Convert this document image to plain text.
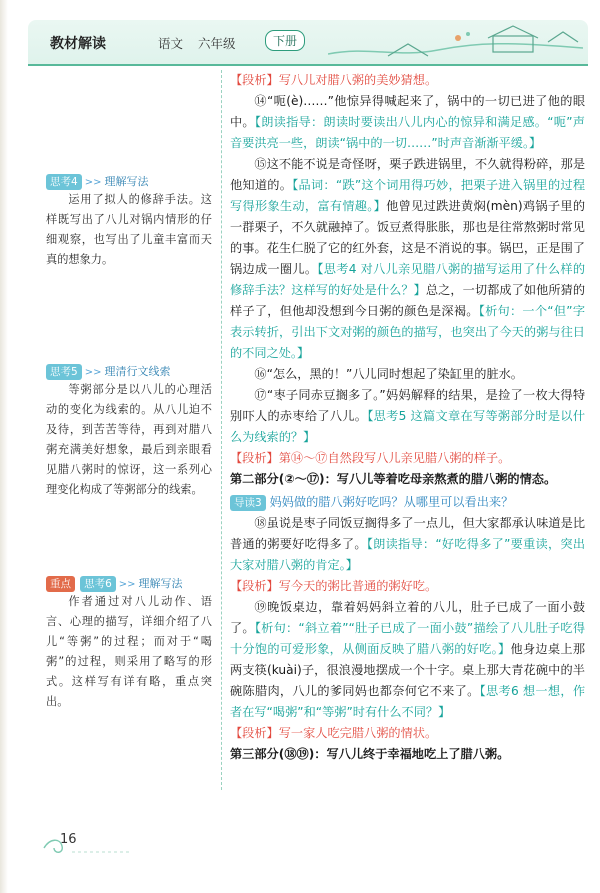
教材解读	语文 六年级	下册
思考4 >> 理解写法
运用了拟人的修辞手法。这样既写出了八儿对锅内情形的仔细观察，也写出了儿童丰富而天真的想象力。
思考5 >> 理清行文线索
等粥部分是以八儿的心理活动的变化为线索的。从八儿迫不及待，到苦苦等待，再到对腊八粥充满美好想象，最后到亲眼看见腊八粥时的惊讶，这一系列心理变化构成了等粥部分的线索。
重点 思考6 >> 理解写法
作者通过对八儿动作、语言、心理的描写，详细介绍了八儿“等粥”的过程；而对于“喝粥”的过程，则采用了略写的形式。这样写有详有略，重点突出。

【段析】写八儿对腊八粥的美妙猜想。

⑭“呃(è)……”他惊异得喊起来了，锅中的一切已进了他的眼中。【朗读指导：朗读时要读出八儿内心的惊异和满足感。“呃”声音要洪亮一些，朗读“锅中的一切……”时声音渐渐平缓。】

⑮这不能不说是奇怪呀，栗子跌进锅里，不久就得粉碎，那是他知道的。【品词：“跌”这个词用得巧妙，把栗子进入锅里的过程写得形象生动，富有情趣。】他曾见过跌进黄焖(mèn)鸡锅子里的一群栗子，不久就融掉了。饭豆煮得胀胀，那也是往常熬粥时常见的事。花生仁脱了它的红外套，这是不消说的事。锅巴，正是围了锅边成一圈儿。【思考4 对八儿亲见腊八粥的描写运用了什么样的修辞手法？这样写的好处是什么？】总之，一切都成了如他所猜的样子了，但他却没想到今日粥的颜色是深褐。【析句：一个“但”字表示转折，引出下文对粥的颜色的描写，也突出了今天的粥与往日的不同之处。】

⑯“怎么，黑的！”八儿同时想起了染缸里的脏水。

⑰“枣子同赤豆搁多了。”妈妈解释的结果，是捡了一枚大得特别吓人的赤枣给了八儿。【思考5 这篇文章在写等粥部分时是以什么为线索的？】

【段析】第⑭～⑰自然段写八儿亲见腊八粥的样子。

第二部分(②～⑰)：写八儿等着吃母亲熬煮的腊八粥的情态。

导读3 妈妈做的腊八粥好吃吗？从哪里可以看出来？

⑱虽说是枣子同饭豆搁得多了一点儿，但大家都承认味道是比普通的粥要好吃得多了。【朗读指导：“好吃得多了”要重读，突出大家对腊八粥的肯定。】

【段析】写今天的粥比普通的粥好吃。

⑲晚饭桌边，靠着妈妈斜立着的八儿，肚子已成了一面小鼓了。【析句：“斜立着”“肚子已成了一面小鼓”描绘了八儿肚子吃得十分饱的可爱形象，从侧面反映了腊八粥的好吃。】他身边桌上那两支筷(kuài)子，很浪漫地摆成一个十字。桌上那大青花碗中的半碗陈腊肉，八儿的爹同妈也都奈何它不来了。【思考6 想一想，作者在写“喝粥”和“等粥”时有什么不同？】

【段析】写一家人吃完腊八粥的情状。

第三部分(⑱⑲)：写八儿终于幸福地吃上了腊八粥。

16
